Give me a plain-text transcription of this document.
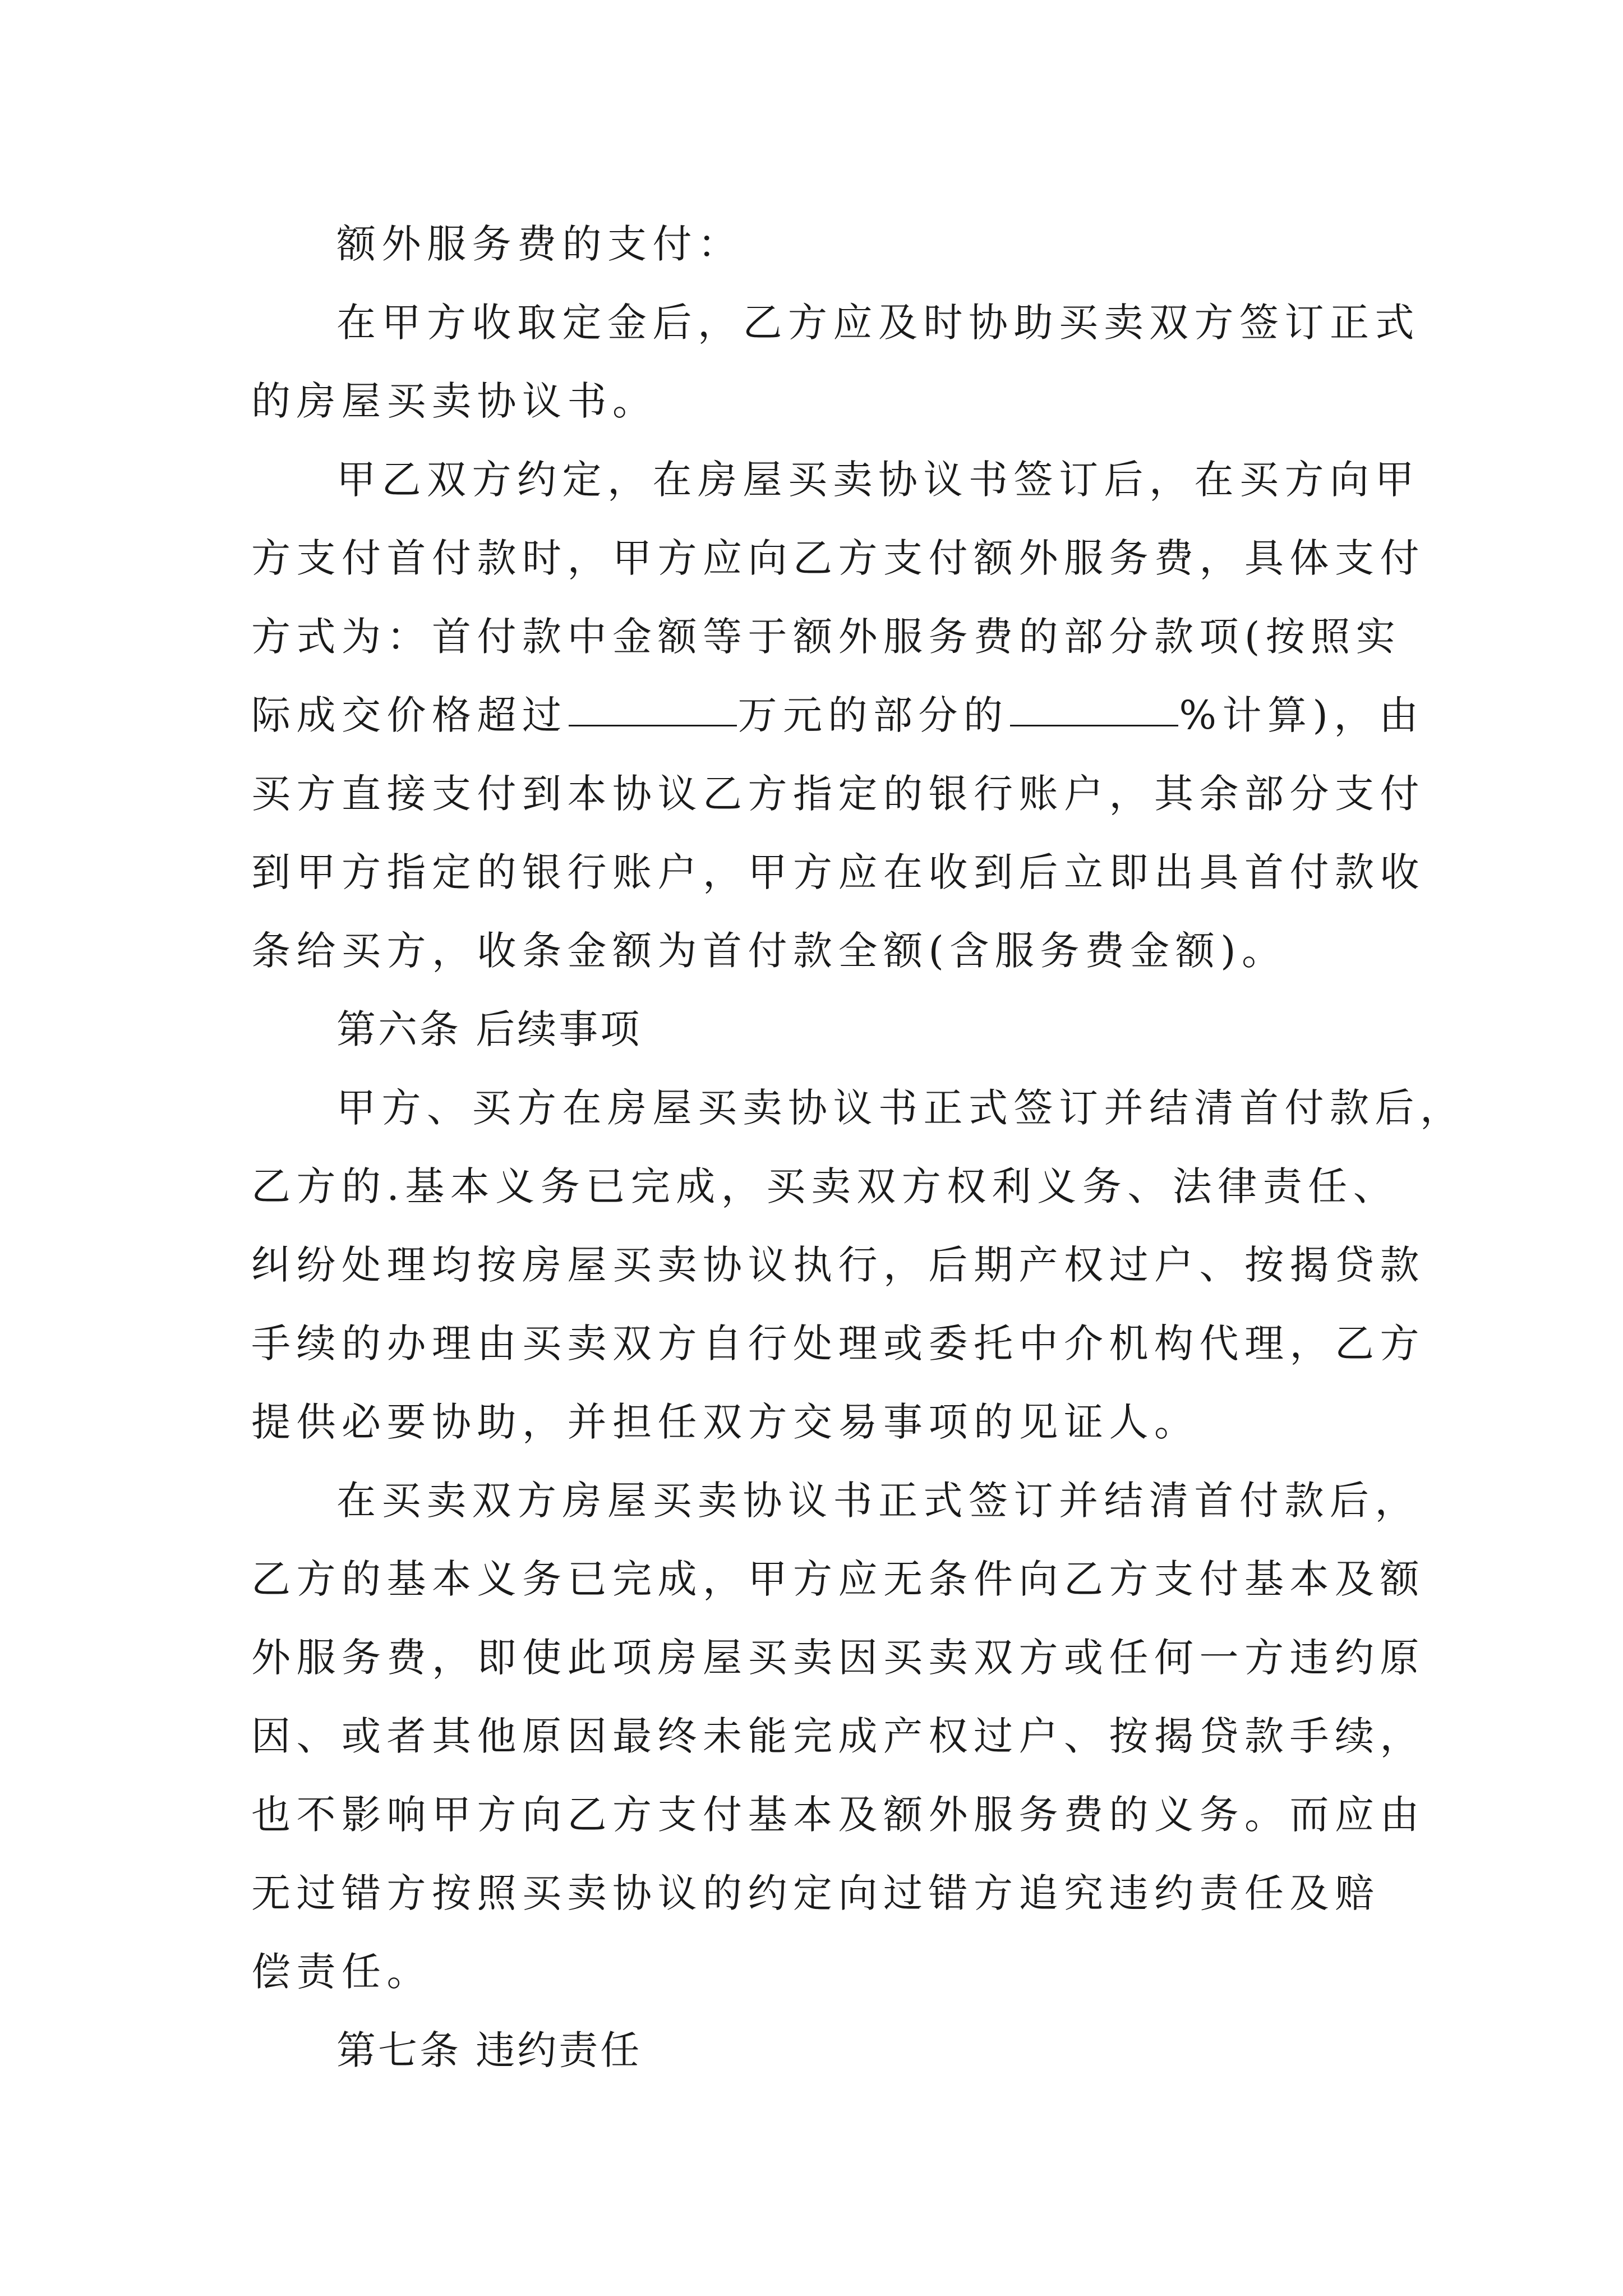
额外服务费的支付：
在甲方收取定金后，乙方应及时协助买卖双方签订正式
的房屋买卖协议书。
甲乙双方约定，在房屋买卖协议书签订后，在买方向甲
方支付首付款时，甲方应向乙方支付额外服务费，具体支付
方式为：首付款中金额等于额外服务费的部分款项(按照实
际成交价格超过	万元的部分的	%计算)，由
买方直接支付到本协议乙方指定的银行账户，其余部分支付
到甲方指定的银行账户，甲方应在收到后立即出具首付款收
条给买方，收条金额为首付款全额(含服务费金额)。
第六条 后续事项
甲方、买方在房屋买卖协议书正式签订并结清首付款后，
乙方的.基本义务已完成，买卖双方权利义务、法律责任、
纠纷处理均按房屋买卖协议执行，后期产权过户、按揭贷款
手续的办理由买卖双方自行处理或委托中介机构代理，乙方
提供必要协助，并担任双方交易事项的见证人。
在买卖双方房屋买卖协议书正式签订并结清首付款后，
乙方的基本义务已完成，甲方应无条件向乙方支付基本及额
外服务费，即使此项房屋买卖因买卖双方或任何一方违约原
因、或者其他原因最终未能完成产权过户、按揭贷款手续，
也不影响甲方向乙方支付基本及额外服务费的义务。而应由
无过错方按照买卖协议的约定向过错方追究违约责任及赔
偿责任。
第七条 违约责任
